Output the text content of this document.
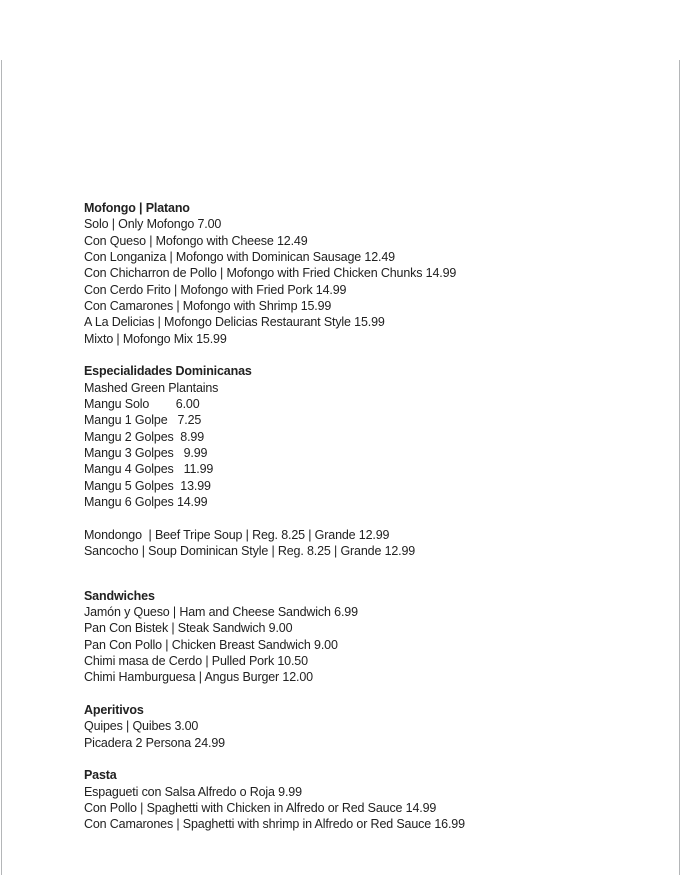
Mofongo | Platano
Solo | Only Mofongo 7.00
Con Queso | Mofongo with Cheese 12.49
Con Longaniza | Mofongo with Dominican Sausage 12.49
Con Chicharron de Pollo | Mofongo with Fried Chicken Chunks 14.99
Con Cerdo Frito | Mofongo with Fried Pork 14.99
Con Camarones | Mofongo with Shrimp 15.99
A La Delicias | Mofongo Delicias Restaurant Style 15.99
Mixto | Mofongo Mix 15.99
Especialidades Dominicanas
Mashed Green Plantains
Mangu Solo        6.00
Mangu 1 Golpe   7.25
Mangu 2 Golpes  8.99
Mangu 3 Golpes   9.99
Mangu 4 Golpes   11.99
Mangu 5 Golpes  13.99
Mangu 6 Golpes 14.99
Mondongo  | Beef Tripe Soup | Reg. 8.25 | Grande 12.99
Sancocho | Soup Dominican Style | Reg. 8.25 | Grande 12.99
Sandwiches
Jamón y Queso | Ham and Cheese Sandwich 6.99
Pan Con Bistek | Steak Sandwich 9.00
Pan Con Pollo | Chicken Breast Sandwich 9.00
Chimi masa de Cerdo | Pulled Pork 10.50
Chimi Hamburguesa | Angus Burger 12.00
Aperitivos
Quipes | Quibes 3.00
Picadera 2 Persona 24.99
Pasta
Espagueti con Salsa Alfredo o Roja 9.99
Con Pollo | Spaghetti with Chicken in Alfredo or Red Sauce 14.99
Con Camarones | Spaghetti with shrimp in Alfredo or Red Sauce 16.99
